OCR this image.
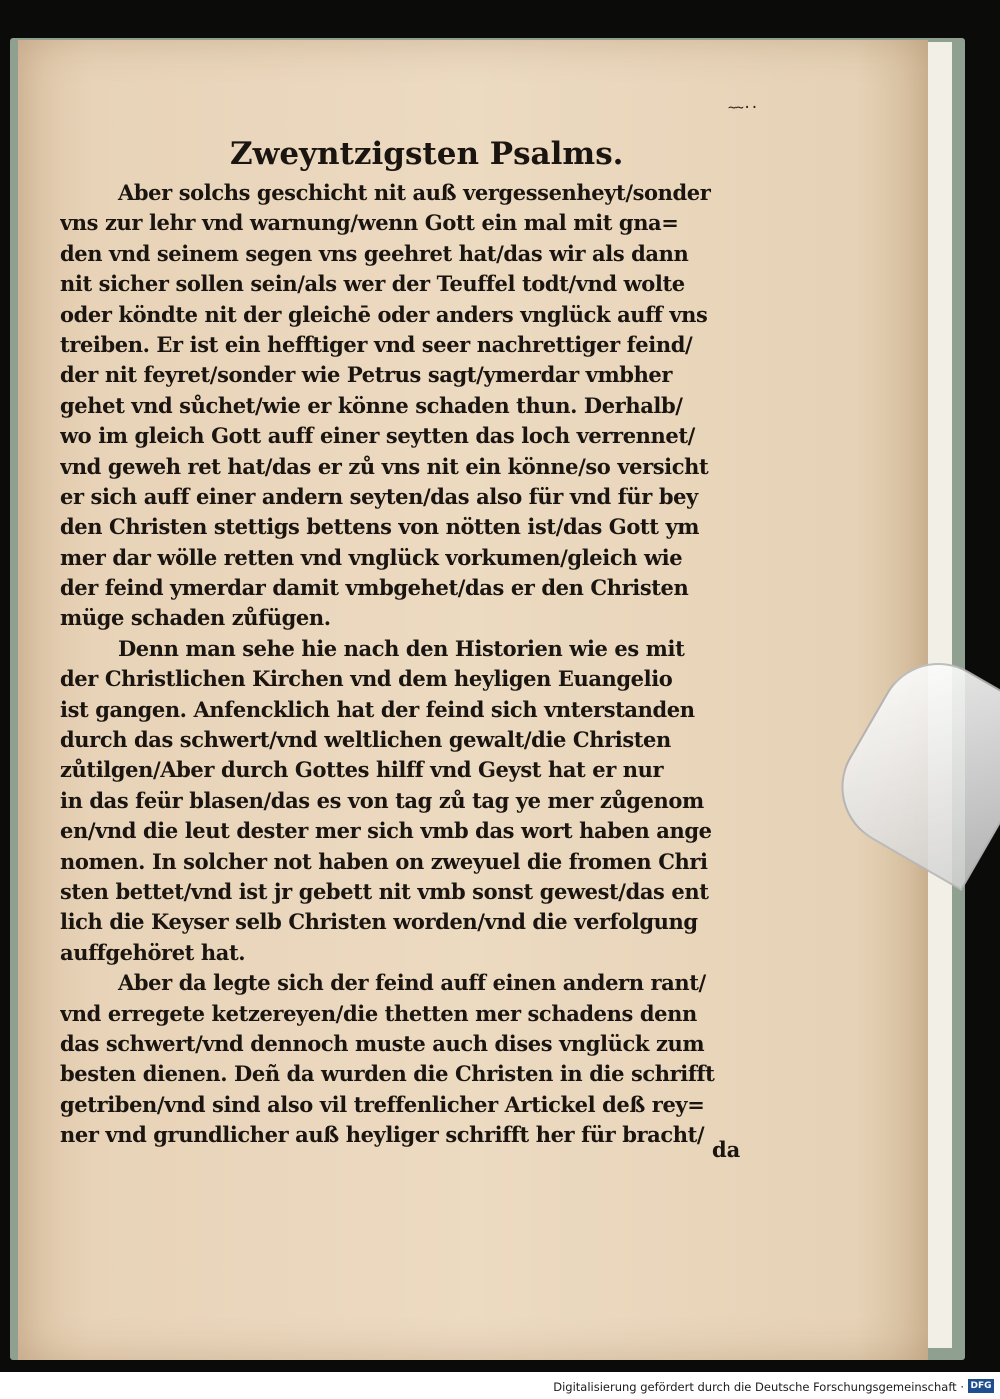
~~··
Zweyntzigsten Psalms.
Aber solchs geschicht nit auß vergessenheyt/sonder
vns zur lehr vnd warnung/wenn Gott ein mal mit gna=
den vnd seinem segen vns geehret hat/das wir als dann
nit sicher sollen sein/als wer der Teuffel todt/vnd wolte
oder köndte nit der gleichē oder anders vnglück auff vns
treiben. Er ist ein hefftiger vnd seer nachrettiger feind/
der nit feyret/sonder wie Petrus sagt/ymerdar vmbher
gehet vnd sůchet/wie er könne schaden thun. Derhalb/
wo im gleich Gott auff einer seytten das loch verrennet/
vnd geweh ret hat/das er zů vns nit ein könne/so versicht
er sich auff einer andern seyten/das also für vnd für bey
den Christen stettigs bettens von nötten ist/das Gott ym
mer dar wölle retten vnd vnglück vorkumen/gleich wie
der feind ymerdar damit vmbgehet/das er den Christen
müge schaden zůfügen.
Denn man sehe hie nach den Historien wie es mit
der Christlichen Kirchen vnd dem heyligen Euangelio
ist gangen. Anfencklich hat der feind sich vnterstanden
durch das schwert/vnd weltlichen gewalt/die Christen
zůtilgen/Aber durch Gottes hilff vnd Geyst hat er nur
in das feür blasen/das es von tag zů tag ye mer zůgenom
en/vnd die leut dester mer sich vmb das wort haben ange
nomen. In solcher not haben on zweyuel die fromen Chri
sten bettet/vnd ist jr gebett nit vmb sonst gewest/das ent
lich die Keyser selb Christen worden/vnd die verfolgung
auffgehöret hat.
Aber da legte sich der feind auff einen andern rant/
vnd erregete ketzereyen/die thetten mer schadens denn
das schwert/vnd dennoch muste auch dises vnglück zum
besten dienen. Deñ da wurden die Christen in die schrifft
getriben/vnd sind also vil treffenlicher Artickel deß rey=
ner vnd grundlicher auß heyliger schrifft her für bracht/
da
Digitalisierung gefördert durch die Deutsche Forschungsgemeinschaft · DFG
